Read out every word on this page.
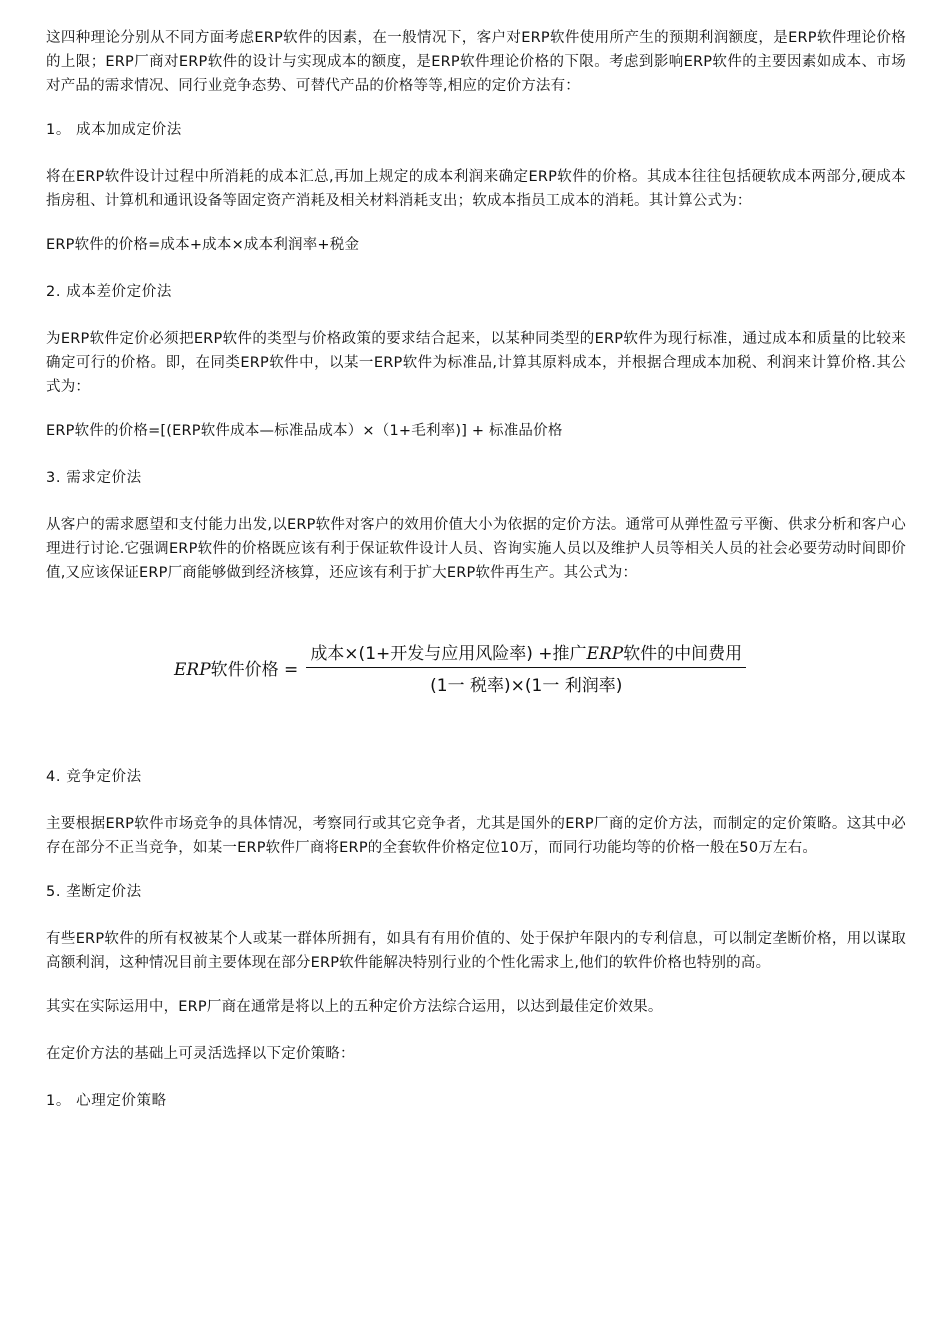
这四种理论分别从不同方面考虑ERP软件的因素，在一般情况下，客户对ERP软件使用所产生的预期利润额度，是ERP软件理论价格的上限；ERP厂商对ERP软件的设计与实现成本的额度，是ERP软件理论价格的下限。考虑到影响ERP软件的主要因素如成本、市场对产品的需求情况、同行业竞争态势、可替代产品的价格等等,相应的定价方法有：

1。 成本加成定价法

将在ERP软件设计过程中所消耗的成本汇总,再加上规定的成本利润来确定ERP软件的价格。其成本往往包括硬软成本两部分,硬成本指房租、计算机和通讯设备等固定资产消耗及相关材料消耗支出；软成本指员工成本的消耗。其计算公式为：

ERP软件的价格=成本+成本×成本利润率+税金

2. 成本差价定价法

为ERP软件定价必须把ERP软件的类型与价格政策的要求结合起来，以某种同类型的ERP软件为现行标准，通过成本和质量的比较来确定可行的价格。即，在同类ERP软件中，以某一ERP软件为标准品,计算其原料成本，并根据合理成本加税、利润来计算价格.其公式为：

ERP软件的价格=[(ERP软件成本—标准品成本）×（1+毛利率)] + 标准品价格

3. 需求定价法

从客户的需求愿望和支付能力出发,以ERP软件对客户的效用价值大小为依据的定价方法。通常可从弹性盈亏平衡、供求分析和客户心理进行讨论.它强调ERP软件的价格既应该有利于保证软件设计人员、咨询实施人员以及维护人员等相关人员的社会必要劳动时间即价值,又应该保证ERP厂商能够做到经济核算，还应该有利于扩大ERP软件再生产。其公式为：

ERP软件价格 = $\frac{\text{成本×(1+开发与应用风险率) +推广ERP软件的中间费用}}{\text{(1一 税率)×(1一 利润率)}}$

4. 竞争定价法

主要根据ERP软件市场竞争的具体情况，考察同行或其它竞争者，尤其是国外的ERP厂商的定价方法，而制定的定价策略。这其中必存在部分不正当竞争，如某一ERP软件厂商将ERP的全套软件价格定位10万，而同行功能均等的价格一般在50万左右。

5. 垄断定价法

有些ERP软件的所有权被某个人或某一群体所拥有，如具有有用价值的、处于保护年限内的专利信息，可以制定垄断价格，用以谋取高额利润，这种情况目前主要体现在部分ERP软件能解决特别行业的个性化需求上,他们的软件价格也特别的高。

其实在实际运用中，ERP厂商在通常是将以上的五种定价方法综合运用，以达到最佳定价效果。

在定价方法的基础上可灵活选择以下定价策略：

1。 心理定价策略
